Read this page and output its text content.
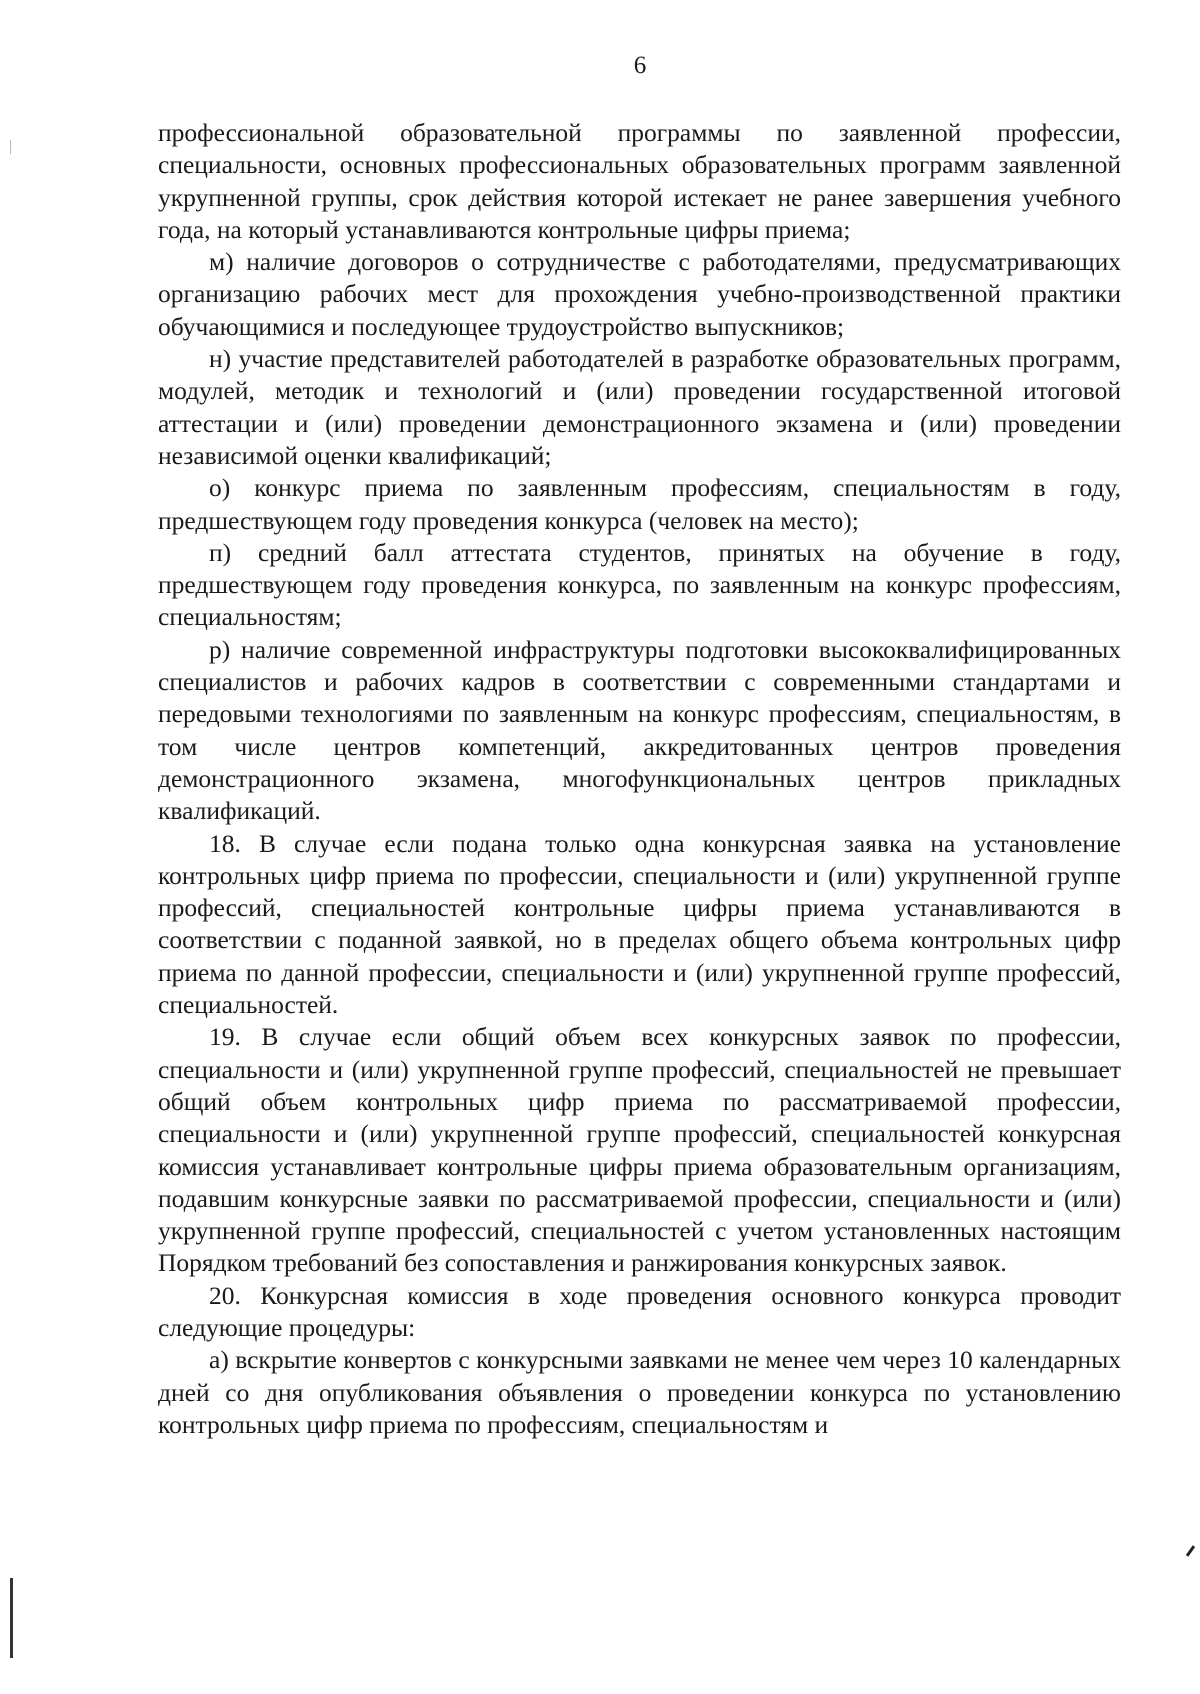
6

профессиональной образовательной программы по заявленной профессии, специальности, основных профессиональных образовательных программ заявленной укрупненной группы, срок действия которой истекает не ранее завершения учебного года, на который устанавливаются контрольные цифры приема;

м) наличие договоров о сотрудничестве с работодателями, предусматривающих организацию рабочих мест для прохождения учебно-производственной практики обучающимися и последующее трудоустройство выпускников;

н) участие представителей работодателей в разработке образовательных программ, модулей, методик и технологий и (или) проведении государственной итоговой аттестации и (или) проведении демонстрационного экзамена и (или) проведении независимой оценки квалификаций;

о) конкурс приема по заявленным профессиям, специальностям в году, предшествующем году проведения конкурса (человек на место);

п) средний балл аттестата студентов, принятых на обучение в году, предшествующем году проведения конкурса, по заявленным на конкурс профессиям, специальностям;

р) наличие современной инфраструктуры подготовки высококвалифицированных специалистов и рабочих кадров в соответствии с современными стандартами и передовыми технологиями по заявленным на конкурс профессиям, специальностям, в том числе центров компетенций, аккредитованных центров проведения демонстрационного экзамена, многофункциональных центров прикладных квалификаций.

18. В случае если подана только одна конкурсная заявка на установление контрольных цифр приема по профессии, специальности и (или) укрупненной группе профессий, специальностей контрольные цифры приема устанавливаются в соответствии с поданной заявкой, но в пределах общего объема контрольных цифр приема по данной профессии, специальности и (или) укрупненной группе профессий, специальностей.

19. В случае если общий объем всех конкурсных заявок по профессии, специальности и (или) укрупненной группе профессий, специальностей не превышает общий объем контрольных цифр приема по рассматриваемой профессии, специальности и (или) укрупненной группе профессий, специальностей конкурсная комиссия устанавливает контрольные цифры приема образовательным организациям, подавшим конкурсные заявки по рассматриваемой профессии, специальности и (или) укрупненной группе профессий, специальностей с учетом установленных настоящим Порядком требований без сопоставления и ранжирования конкурсных заявок.

20. Конкурсная комиссия в ходе проведения основного конкурса проводит следующие процедуры:

а) вскрытие конвертов с конкурсными заявками не менее чем через 10 календарных дней со дня опубликования объявления о проведении конкурса по установлению контрольных цифр приема по профессиям, специальностям и
